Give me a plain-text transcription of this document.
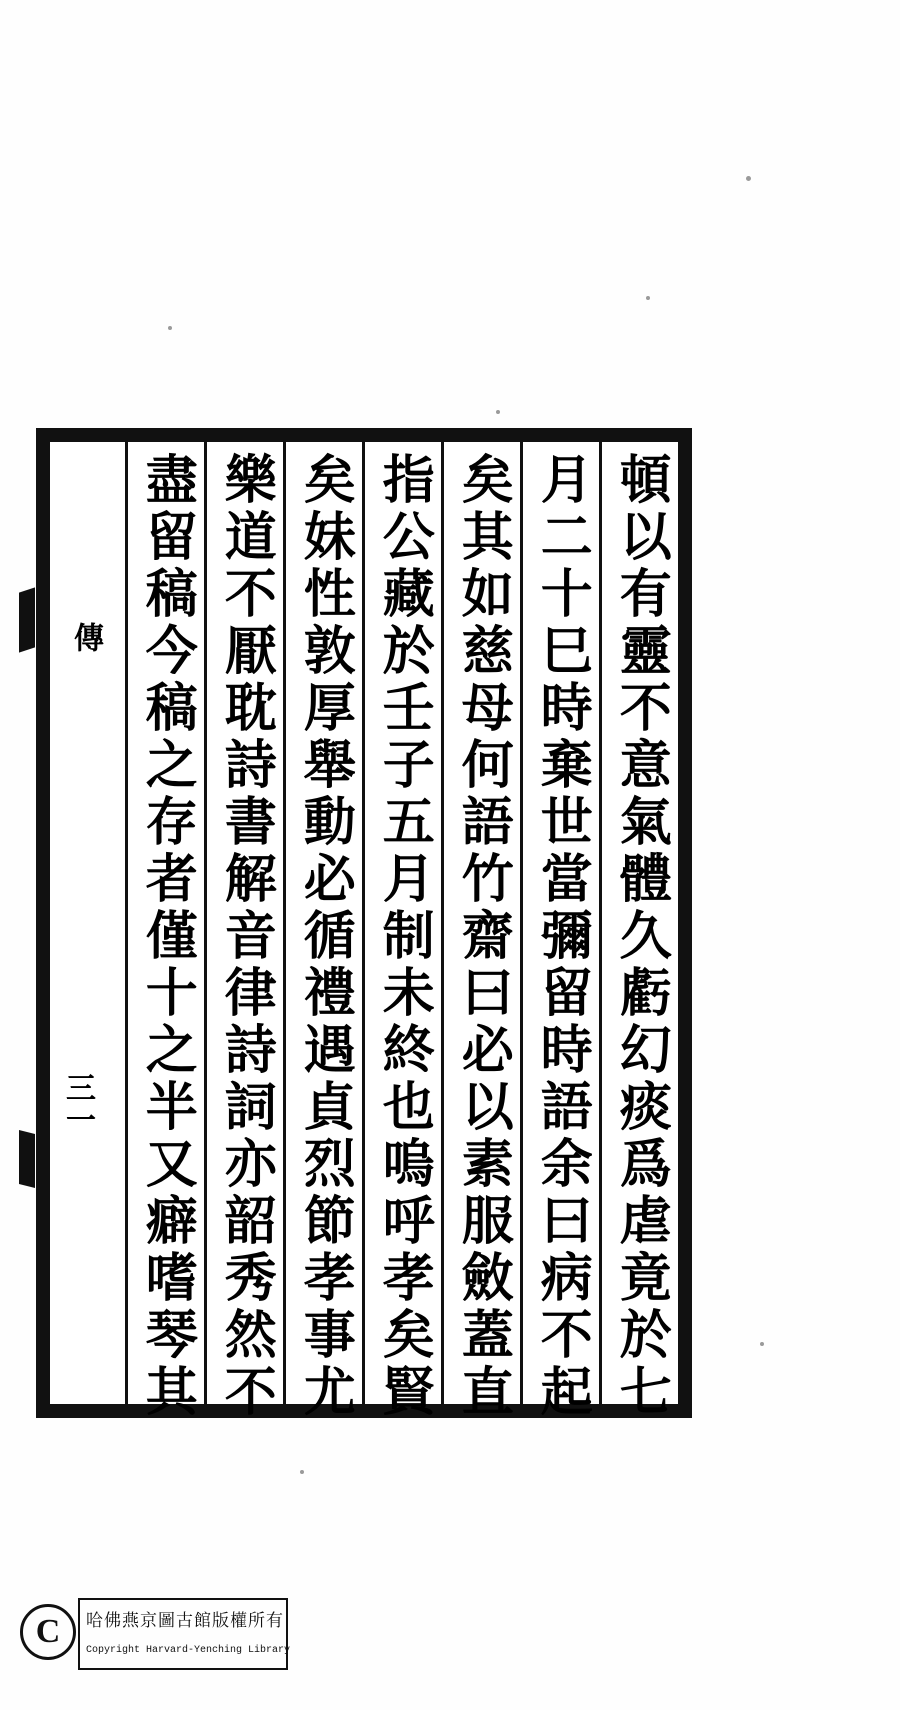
頓以有靈不意氣體久虧幻痰爲虐竟於七
月二十巳時棄世當彌留時語余曰病不起
矣其如慈母何語竹齋曰必以素服斂蓋直
指公藏於壬子五月制未終也嗚呼孝矣賢
矣妹性敦厚舉動必循禮遇貞烈節孝事尤
樂道不厭耽詩書解音律詩詞亦韶秀然不
盡留稿今稿之存者僅十之半又癖嗜琴其
傳
三一
C	哈佛燕京圖古館版權所有
Copyright Harvard-Yenching Library
